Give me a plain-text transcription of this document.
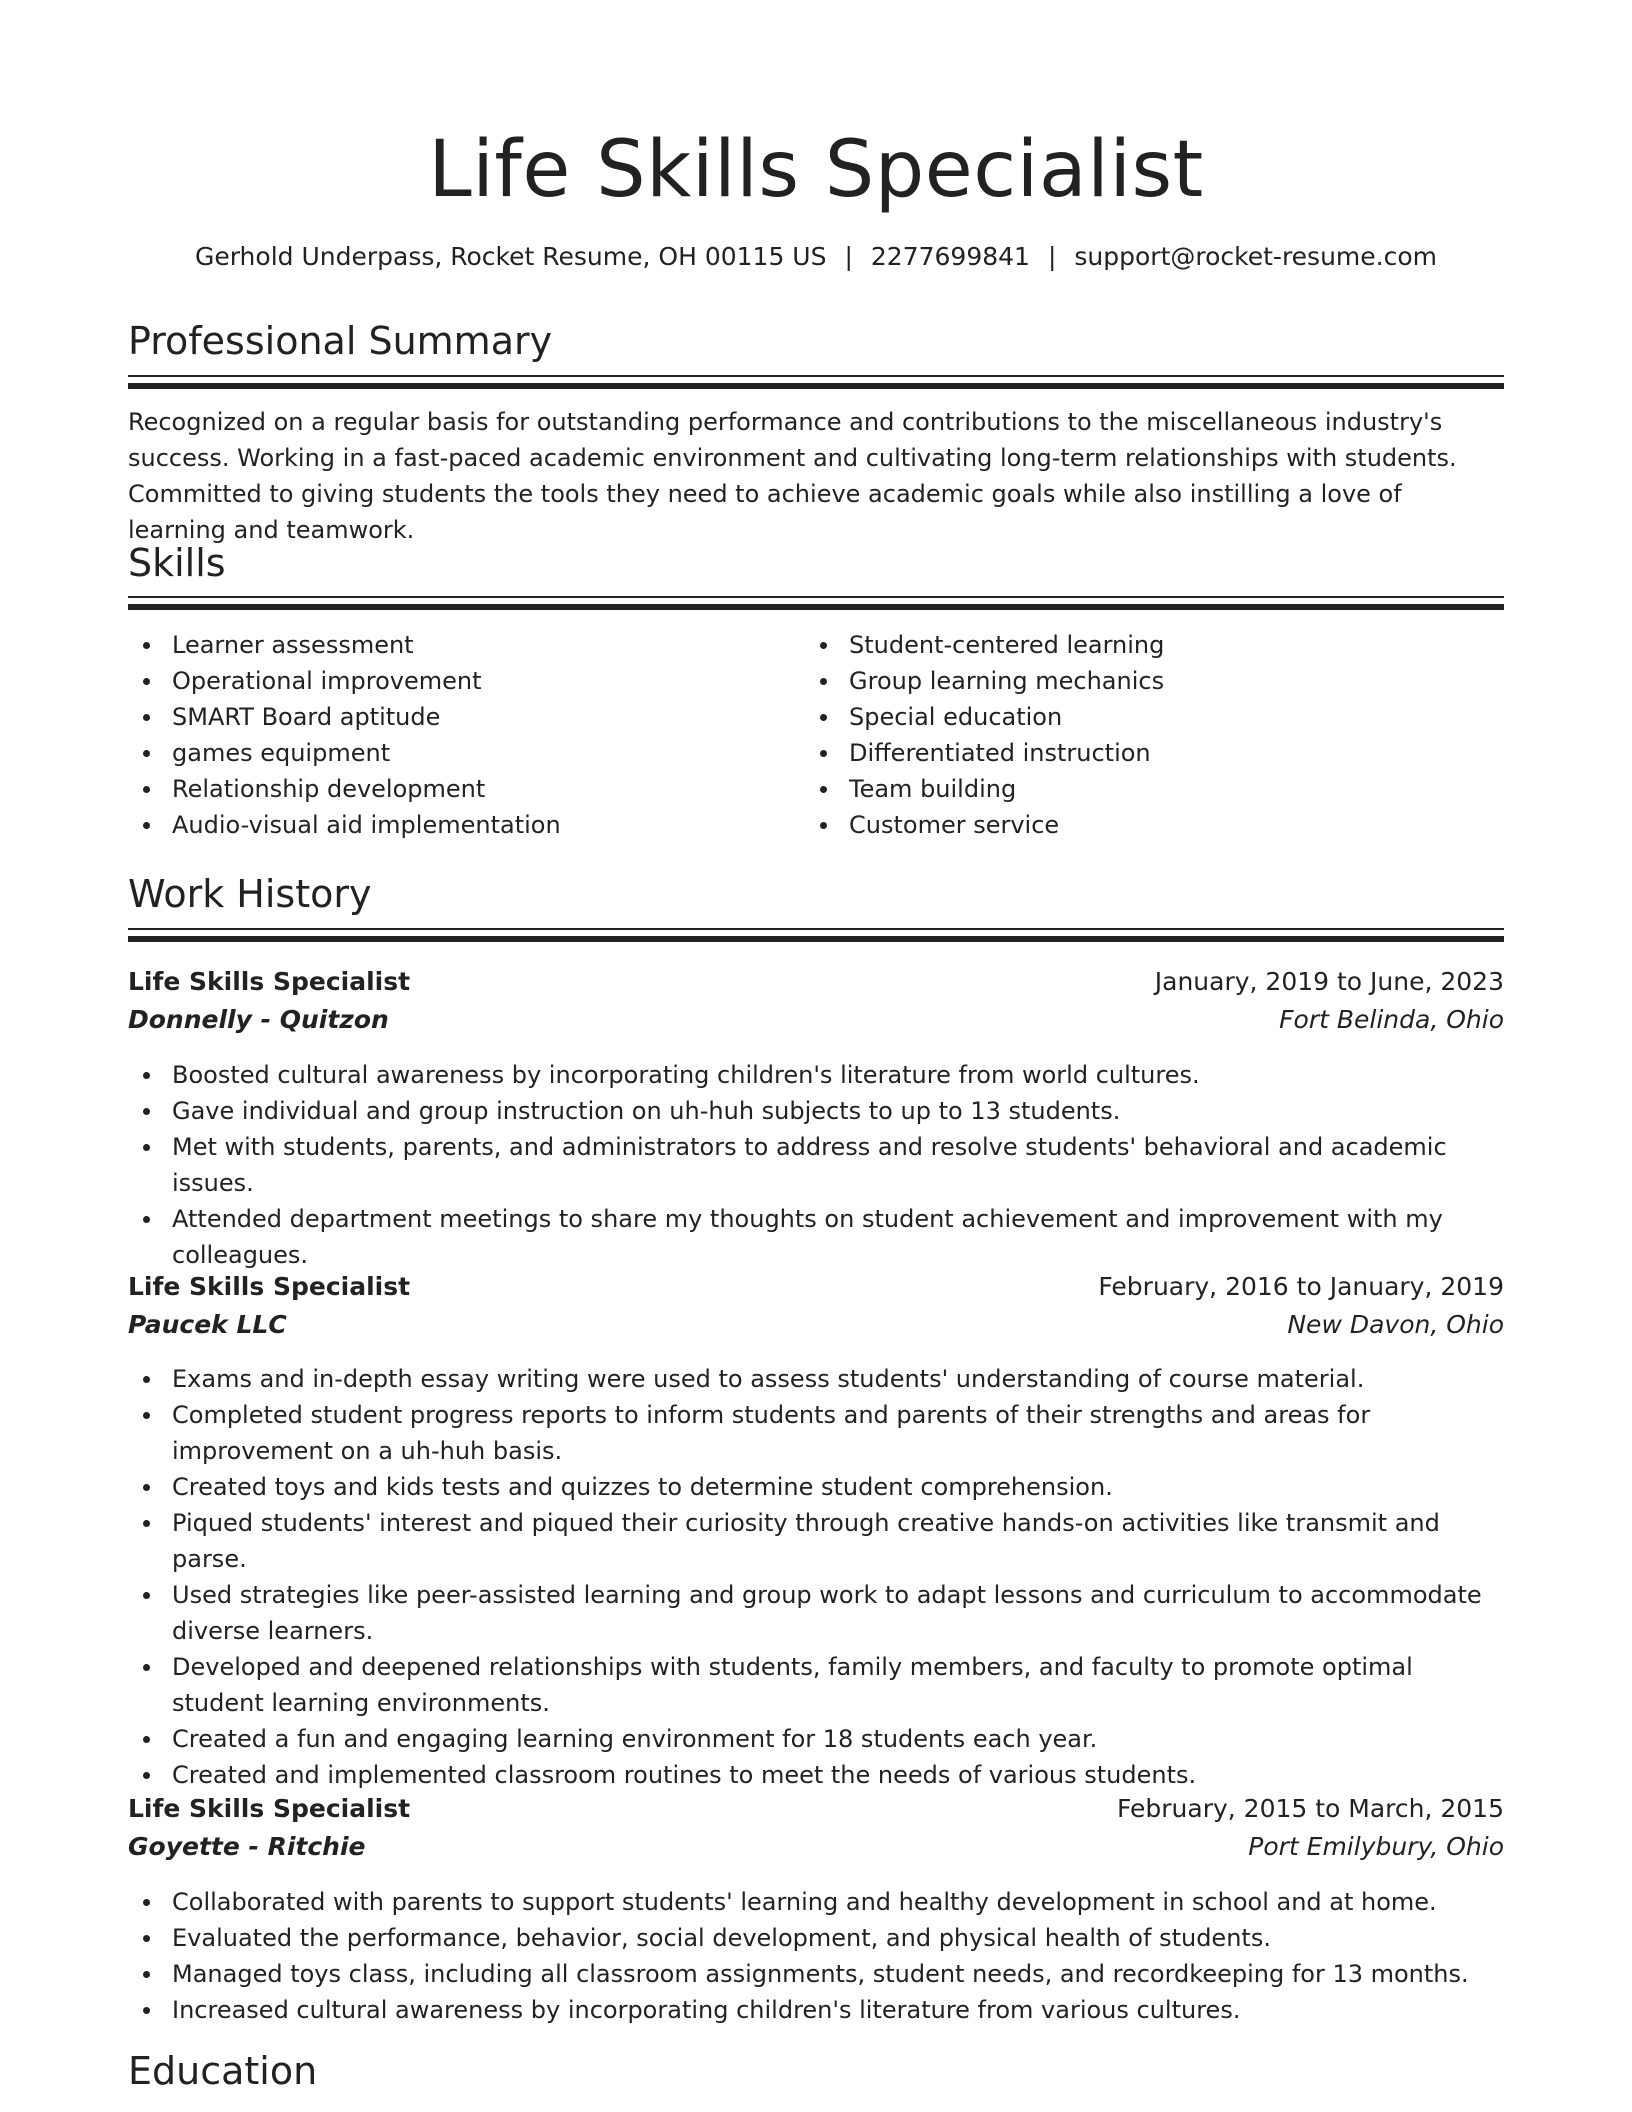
Life Skills Specialist
Gerhold Underpass, Rocket Resume, OH 00115 US | 2277699841 | support@rocket-resume.com
Professional Summary

Recognized on a regular basis for outstanding performance and contributions to the miscellaneous industry's success. Working in a fast-paced academic environment and cultivating long-term relationships with students. Committed to giving students the tools they need to achieve academic goals while also instilling a love of learning and teamwork.

Skills
Learner assessment
Operational improvement
SMART Board aptitude
games equipment
Relationship development
Audio-visual aid implementation
Student-centered learning
Group learning mechanics
Special education
Differentiated instruction
Team building
Customer service
Work History
Life Skills Specialist	January, 2019 to June, 2023
Donnelly - Quitzon	Fort Belinda, Ohio
Boosted cultural awareness by incorporating children's literature from world cultures.
Gave individual and group instruction on uh-huh subjects to up to 13 students.
Met with students, parents, and administrators to address and resolve students' behavioral and academic issues.
Attended department meetings to share my thoughts on student achievement and improvement with my colleagues.
Life Skills Specialist	February, 2016 to January, 2019
Paucek LLC	New Davon, Ohio
Exams and in-depth essay writing were used to assess students' understanding of course material.
Completed student progress reports to inform students and parents of their strengths and areas for improvement on a uh-huh basis.
Created toys and kids tests and quizzes to determine student comprehension.
Piqued students' interest and piqued their curiosity through creative hands-on activities like transmit and parse.
Used strategies like peer-assisted learning and group work to adapt lessons and curriculum to accommodate diverse learners.
Developed and deepened relationships with students, family members, and faculty to promote optimal student learning environments.
Created a fun and engaging learning environment for 18 students each year.
Created and implemented classroom routines to meet the needs of various students.
Life Skills Specialist	February, 2015 to March, 2015
Goyette - Ritchie	Port Emilybury, Ohio
Collaborated with parents to support students' learning and healthy development in school and at home.
Evaluated the performance, behavior, social development, and physical health of students.
Managed toys class, including all classroom assignments, student needs, and recordkeeping for 13 months.
Increased cultural awareness by incorporating children's literature from various cultures.
Education
